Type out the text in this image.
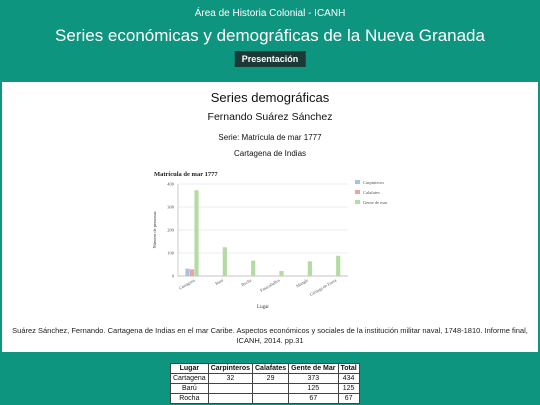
Área de Historia Colonial - ICANH
Series económicas y demográficas de la Nueva Granada
Presentación
Series demográficas
Fernando Suárez Sánchez
Serie: Matrícula de mar 1777
Cartagena de Indias
Matrícula de mar 1777
0
100
200
300
400
Cartagena	Barú	Rocha Pasacaballos	Mangle Ciénaga de Fuera
Lugar
Número de personas
Carpinteros
Calafates
Gente de mar
Suárez Sánchez, Fernando. Cartagena de Indias en el mar Caribe. Aspectos económicos y sociales de la institución militar naval, 1748-1810. Informe final, ICANH, 2014. pp.31
Lugar	Carpinteros	Calafates	Gente de Mar	Total
Cartagena	32	29	373	434
Barú			125	125
Rocha			67	67
